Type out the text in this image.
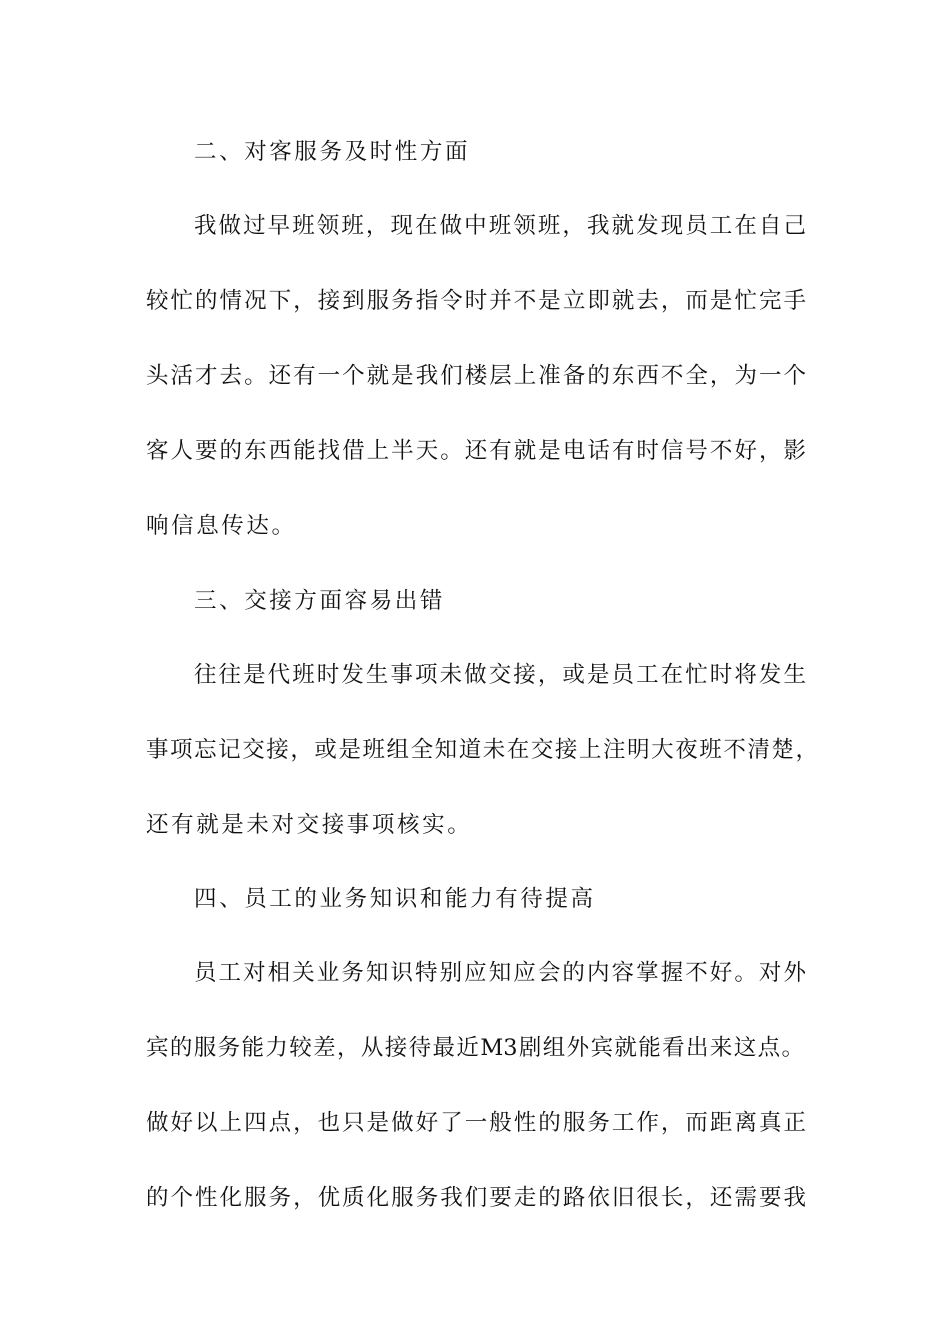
二、对客服务及时性方面
我做过早班领班，现在做中班领班，我就发现员工在自己
较忙的情况下，接到服务指令时并不是立即就去，而是忙完手
头活才去。还有一个就是我们楼层上准备的东西不全，为一个
客人要的东西能找借上半天。还有就是电话有时信号不好，影
响信息传达。
三、交接方面容易出错
往往是代班时发生事项未做交接，或是员工在忙时将发生
事项忘记交接，或是班组全知道未在交接上注明大夜班不清楚，
还有就是未对交接事项核实。
四、员工的业务知识和能力有待提高
员工对相关业务知识特别应知应会的内容掌握不好。对外
宾的服务能力较差，从接待最近M3剧组外宾就能看出来这点。
做好以上四点，也只是做好了一般性的服务工作，而距离真正
的个性化服务，优质化服务我们要走的路依旧很长，还需要我
